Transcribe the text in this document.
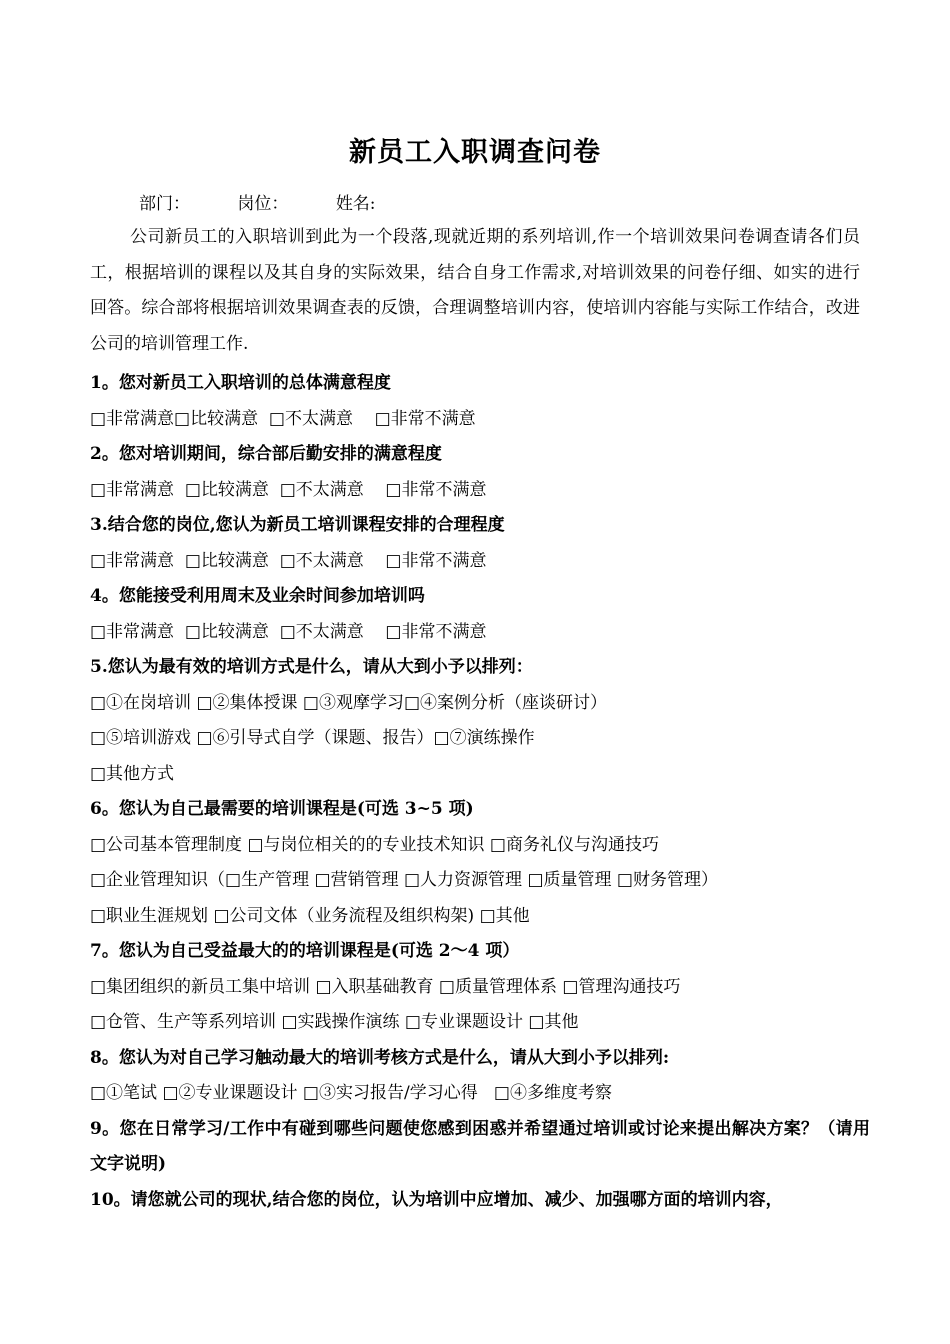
新员工入职调查问卷
部门：	岗位：	姓名:
公司新员工的入职培训到此为一个段落,现就近期的系列培训,作一个培训效果问卷调查请各们员工，根据培训的课程以及其自身的实际效果，结合自身工作需求,对培训效果的问卷仔细、如实的进行回答。综合部将根据培训效果调查表的反馈，合理调整培训内容，使培训内容能与实际工作结合，改进公司的培训管理工作.
1。您对新员工入职培训的总体满意程度
□非常满意□比较满意  □不太满意    □非常不满意
2。您对培训期间，综合部后勤安排的满意程度
□非常满意  □比较满意  □不太满意    □非常不满意
3.结合您的岗位,您认为新员工培训课程安排的合理程度
□非常满意  □比较满意  □不太满意    □非常不满意
4。您能接受利用周末及业余时间参加培训吗
□非常满意  □比较满意  □不太满意    □非常不满意
5.您认为最有效的培训方式是什么，请从大到小予以排列：
□①在岗培训 □②集体授课 □③观摩学习□④案例分析（座谈研讨）
□⑤培训游戏 □⑥引导式自学（课题、报告）□⑦演练操作
□其他方式
6。您认为自己最需要的培训课程是(可选 3~5 项)
□公司基本管理制度 □与岗位相关的的专业技术知识 □商务礼仪与沟通技巧
□企业管理知识（□生产管理 □营销管理 □人力资源管理 □质量管理 □财务管理）
□职业生涯规划 □公司文体（业务流程及组织构架) □其他
7。您认为自己受益最大的的培训课程是(可选 2～4 项）
□集团组织的新员工集中培训 □入职基础教育 □质量管理体系 □管理沟通技巧
□仓管、生产等系列培训 □实践操作演练 □专业课题设计 □其他
8。您认为对自己学习触动最大的培训考核方式是什么，请从大到小予以排列:
□①笔试 □②专业课题设计 □③实习报告/学习心得   □④多维度考察
9。您在日常学习/工作中有碰到哪些问题使您感到困惑并希望通过培训或讨论来提出解决方案？（请用文字说明)
10。请您就公司的现状,结合您的岗位，认为培训中应增加、减少、加强哪方面的培训内容，
